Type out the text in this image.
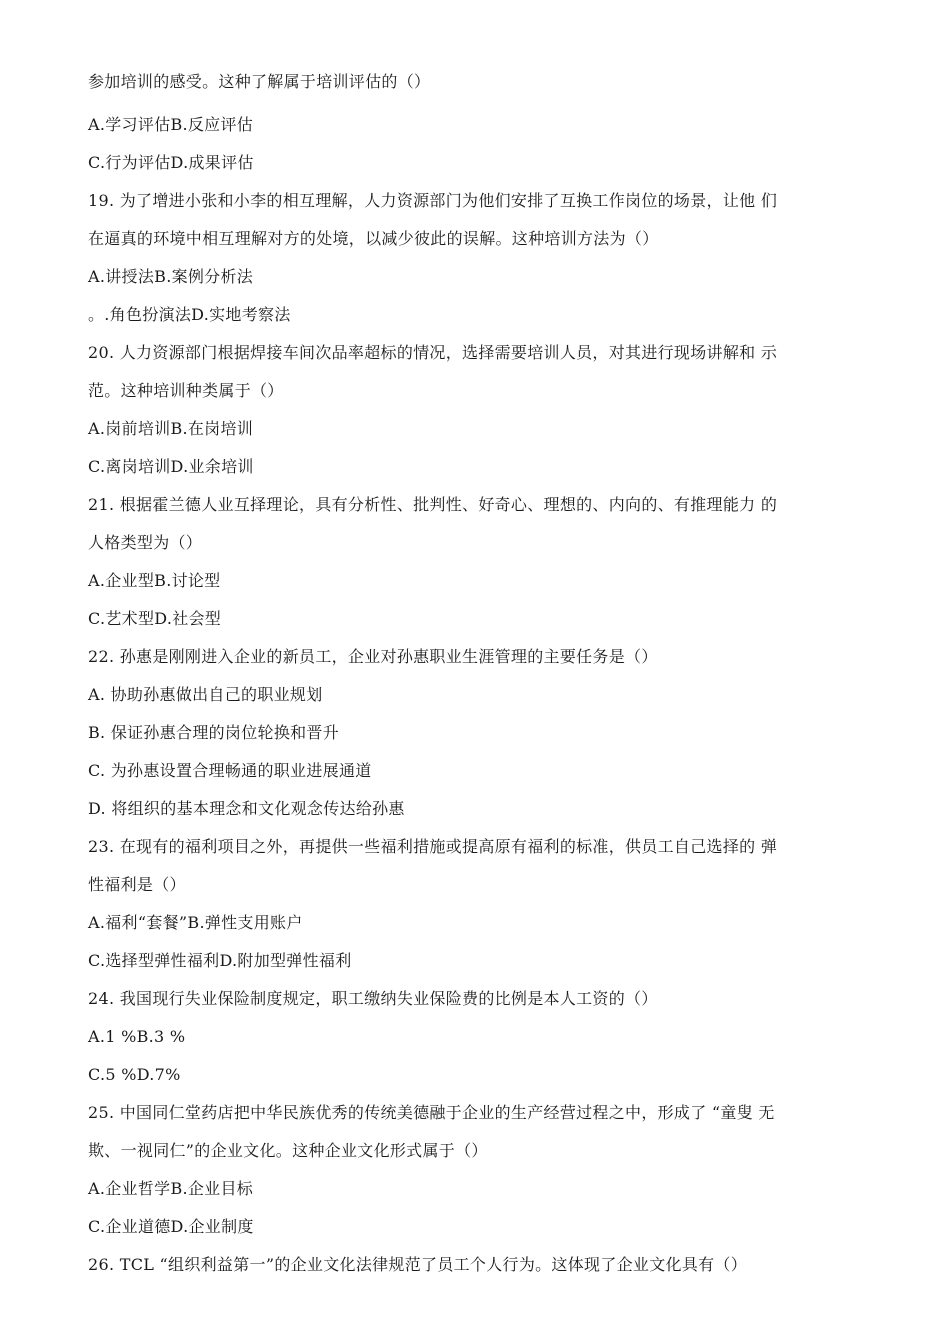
参加培训的感受。这种了解属于培训评估的（）
A.学习评估B.反应评估
C.行为评估D.成果评估
19. 为了增进小张和小李的相互理解，人力资源部门为他们安排了互换工作岗位的场景，让他 们
在逼真的环境中相互理解对方的处境，以减少彼此的误解。这种培训方法为（）
A.讲授法B.案例分析法
。.角色扮演法D.实地考察法
20. 人力资源部门根据焊接车间次品率超标的情况，选择需要培训人员，对其进行现场讲解和 示
范。这种培训种类属于（）
A.岗前培训B.在岗培训
C.离岗培训D.业余培训
21. 根据霍兰德人业互择理论，具有分析性、批判性、好奇心、理想的、内向的、有推理能力 的
人格类型为（）
A.企业型B.讨论型
C.艺术型D.社会型
22. 孙惠是刚刚进入企业的新员工，企业对孙惠职业生涯管理的主要任务是（）
A. 协助孙惠做出自己的职业规划
B. 保证孙惠合理的岗位轮换和晋升
C. 为孙惠设置合理畅通的职业进展通道
D. 将组织的基本理念和文化观念传达给孙惠
23. 在现有的福利项目之外，再提供一些福利措施或提高原有福利的标准，供员工自己选择的 弹
性福利是（）
A.福利“套餐”B.弹性支用账户
C.选择型弹性福利D.附加型弹性福利
24. 我国现行失业保险制度规定，职工缴纳失业保险费的比例是本人工资的（）
A.1 %B.3 %
C.5 %D.7%
25. 中国同仁堂药店把中华民族优秀的传统美德融于企业的生产经营过程之中，形成了 “童叟 无
欺、一视同仁”的企业文化。这种企业文化形式属于（）
A.企业哲学B.企业目标
C.企业道德D.企业制度
26. TCL “组织利益第一”的企业文化法律规范了员工个人行为。这体现了企业文化具有（）
